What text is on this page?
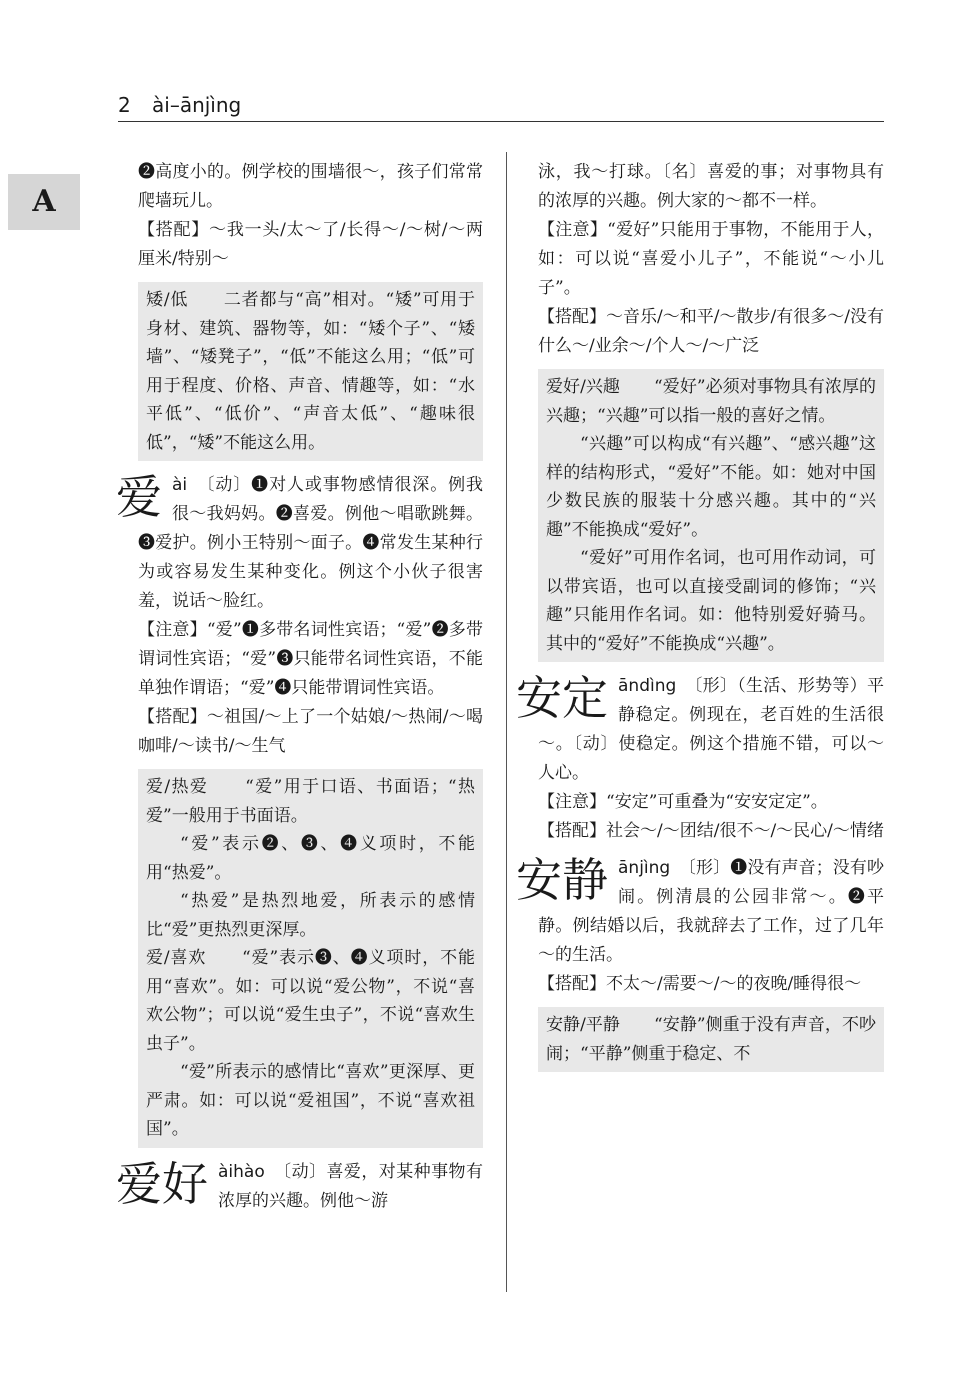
2 ài–ānjìng
A

❷高度小的。例学校的围墙很～，孩子们常常爬墙玩儿。

【搭配】～我一头/太～了/长得～/～树/～两厘米/特别～

矮/低　　二者都与“高”相对。“矮”可用于身材、建筑、器物等，如：“矮个子”、“矮墙”、“矮凳子”，“低”不能这么用；“低”可用于程度、价格、声音、情趣等，如：“水平低”、“低价”、“声音太低”、“趣味很低”，“矮”不能这么用。

爱 ài　 〔动〕❶对人或事物感情很深。例我很～我妈妈。❷喜爱。例他～唱歌跳舞。❸爱护。例小王特别～面子。❹常发生某种行为或容易发生某种变化。例这个小伙子很害羞，说话～脸红。

【注意】“爱”❶多带名词性宾语；“爱”❷多带谓词性宾语；“爱”❸只能带名词性宾语，不能单独作谓语；“爱”❹只能带谓词性宾语。

【搭配】～祖国/～上了一个姑娘/～热闹/～喝咖啡/～读书/～生气

爱/热爱　　“爱”用于口语、书面语；“热爱”一般用于书面语。

“爱”表示❷、❸、❹义项时，不能用“热爱”。

“热爱”是热烈地爱，所表示的感情比“爱”更热烈更深厚。

爱/喜欢　　“爱”表示❸、❹义项时，不能用“喜欢”。如：可以说“爱公物”，不说“喜欢公物”；可以说“爱生虫子”，不说“喜欢生虫子”。

“爱”所表示的感情比“喜欢”更深厚、更严肃。如：可以说“爱祖国”，不说“喜欢祖国”。

爱好 àihào　 〔动〕喜爱，对某种事物有浓厚的兴趣。例他～游

泳，我～打球。〔名〕喜爱的事；对事物具有的浓厚的兴趣。例大家的～都不一样。

【注意】“爱好”只能用于事物，不能用于人，如：可以说“喜爱小儿子”，不能说“～小儿子”。

【搭配】～音乐/～和平/～散步/有很多～/没有什么～/业余～/个人～/～广泛

爱好/兴趣　　“爱好”必须对事物具有浓厚的兴趣；“兴趣”可以指一般的喜好之情。

“兴趣”可以构成“有兴趣”、“感兴趣”这样的结构形式，“爱好”不能。如：她对中国少数民族的服装十分感兴趣。其中的“兴趣”不能换成“爱好”。

“爱好”可用作名词，也可用作动词，可以带宾语，也可以直接受副词的修饰；“兴趣”只能用作名词。如：他特别爱好骑马。其中的“爱好”不能换成“兴趣”。

安定 āndìng　 〔形〕（生活、形势等）平静稳定。例现在，老百姓的生活很～。〔动〕使稳定。例这个措施不错，可以～人心。

【注意】“安定”可重叠为“安安定定”。

【搭配】社会～/～团结/很不～/～民心/～情绪

安静 ānjìng　 〔形〕❶没有声音；没有吵闹。例清晨的公园非常～。❷平静。例结婚以后，我就辞去了工作，过了几年～的生活。

【搭配】不太～/需要～/～的夜晚/睡得很～

安静/平静　　“安静”侧重于没有声音，不吵闹；“平静”侧重于稳定、不
